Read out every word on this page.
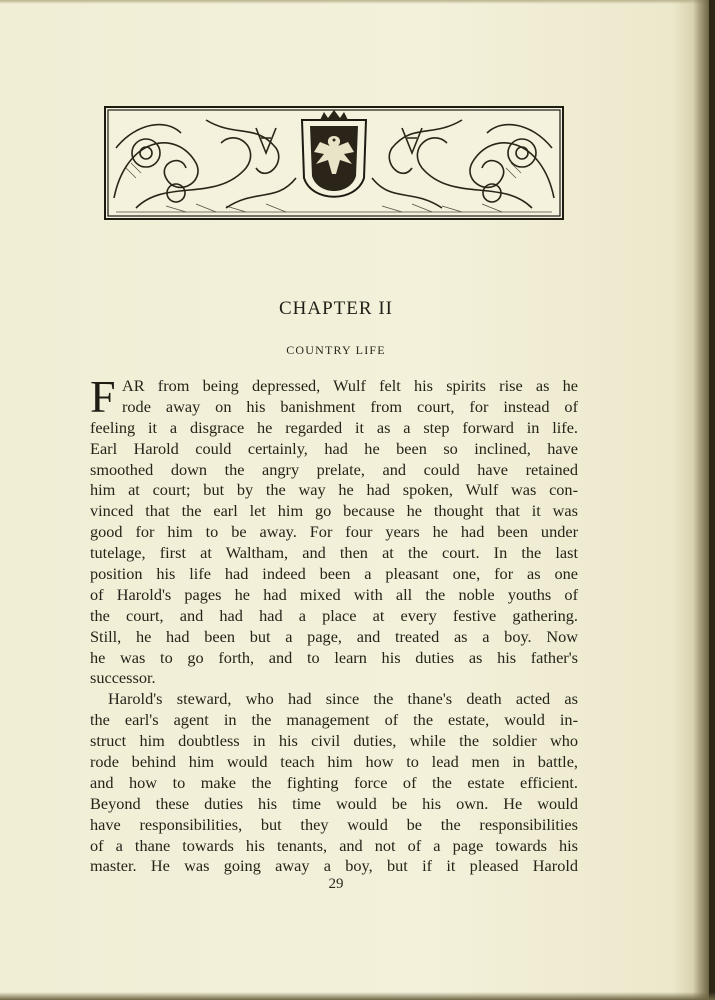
CHAPTER II
COUNTRY LIFE
F AR from being depressed, Wulf felt his spirits rise as he
rode away on his banishment from court, for instead of
feeling it a disgrace he regarded it as a step forward in life.
Earl Harold could certainly, had he been so inclined, have
smoothed down the angry prelate, and could have retained
him at court; but by the way he had spoken, Wulf was con-
vinced that the earl let him go because he thought that it was
good for him to be away. For four years he had been under
tutelage, first at Waltham, and then at the court. In the last
position his life had indeed been a pleasant one, for as one
of Harold's pages he had mixed with all the noble youths of
the court, and had had a place at every festive gathering.
Still, he had been but a page, and treated as a boy. Now
he was to go forth, and to learn his duties as his father's
successor.
Harold's steward, who had since the thane's death acted as
the earl's agent in the management of the estate, would in-
struct him doubtless in his civil duties, while the soldier who
rode behind him would teach him how to lead men in battle,
and how to make the fighting force of the estate efficient.
Beyond these duties his time would be his own. He would
have responsibilities, but they would be the responsibilities
of a thane towards his tenants, and not of a page towards his
master. He was going away a boy, but if it pleased Harold
29
